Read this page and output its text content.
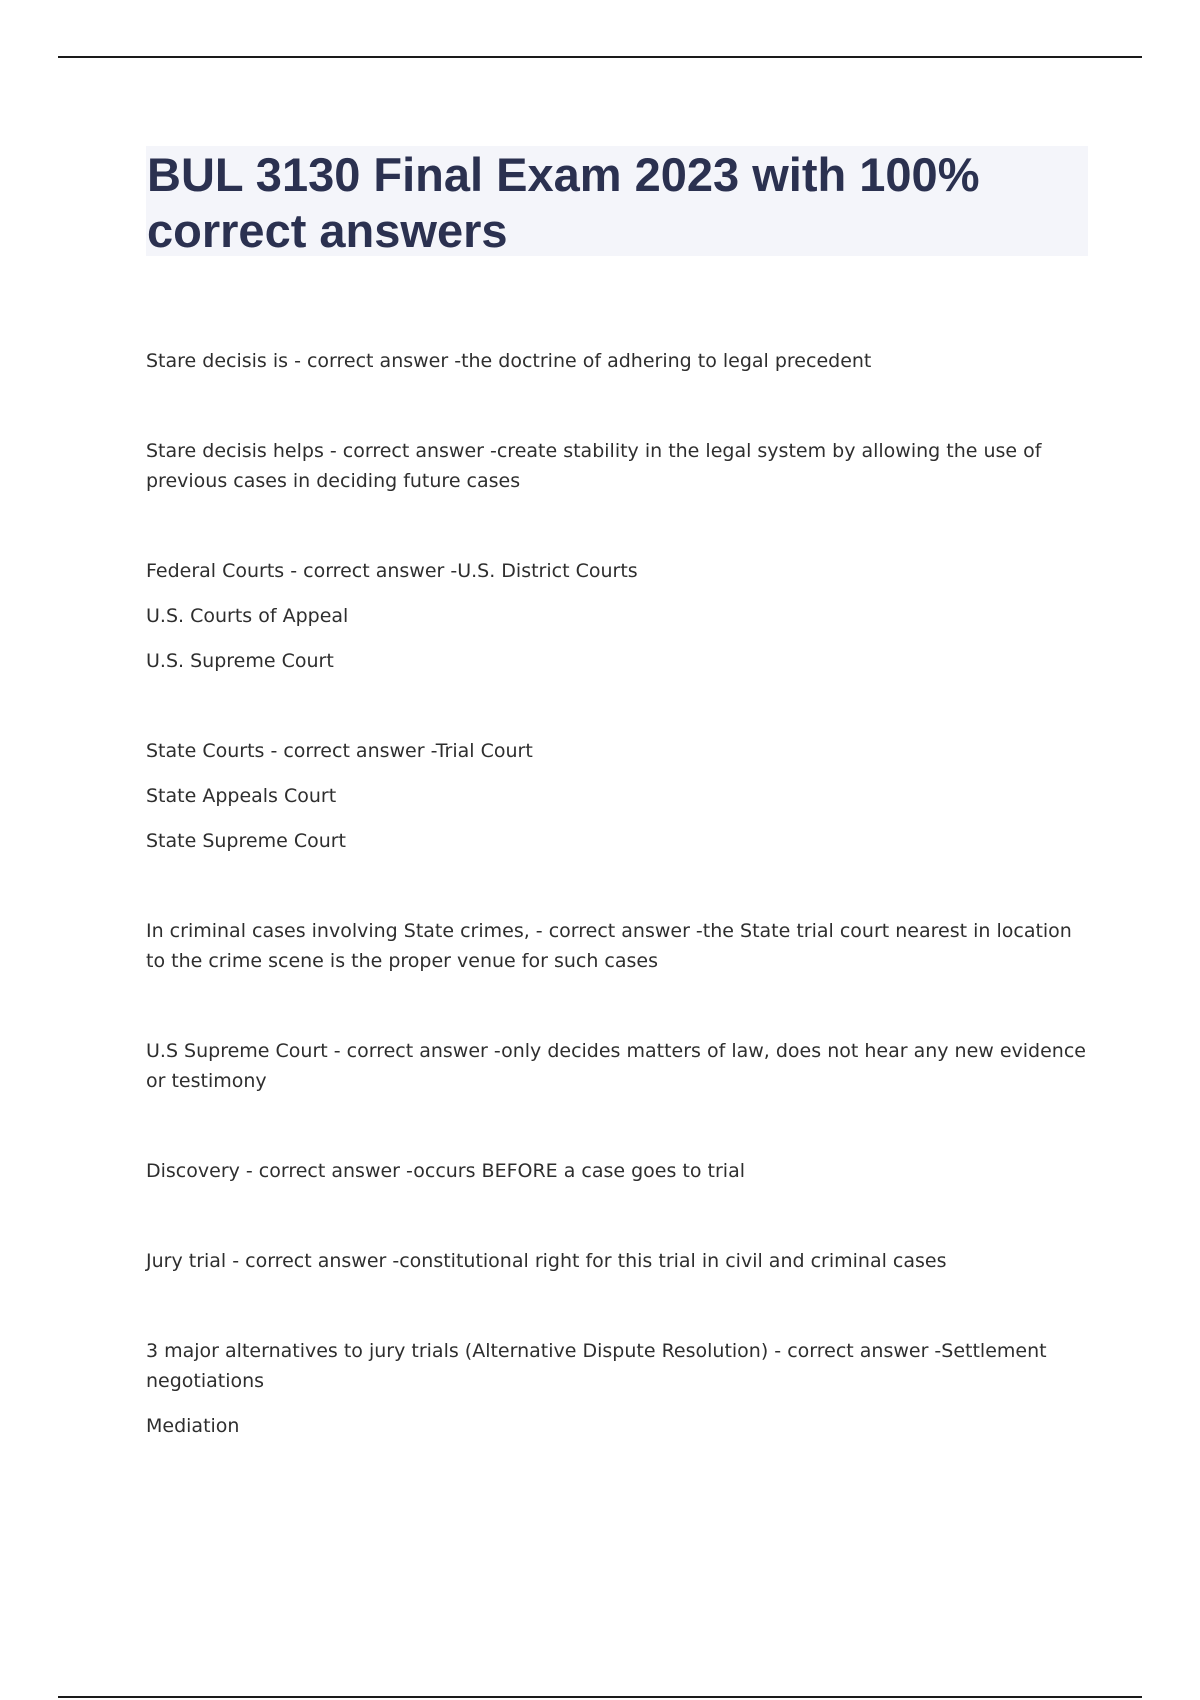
BUL 3130 Final Exam 2023 with 100% correct answers

Stare decisis is - correct answer -the doctrine of adhering to legal precedent

Stare decisis helps - correct answer -create stability in the legal system by allowing the use of previous cases in deciding future cases

Federal Courts - correct answer -U.S. District Courts

U.S. Courts of Appeal

U.S. Supreme Court

State Courts - correct answer -Trial Court

State Appeals Court

State Supreme Court

In criminal cases involving State crimes, - correct answer -the State trial court nearest in location to the crime scene is the proper venue for such cases

U.S Supreme Court - correct answer -only decides matters of law, does not hear any new evidence or testimony

Discovery - correct answer -occurs BEFORE a case goes to trial

Jury trial - correct answer -constitutional right for this trial in civil and criminal cases

3 major alternatives to jury trials (Alternative Dispute Resolution) - correct answer -Settlement negotiations

Mediation
